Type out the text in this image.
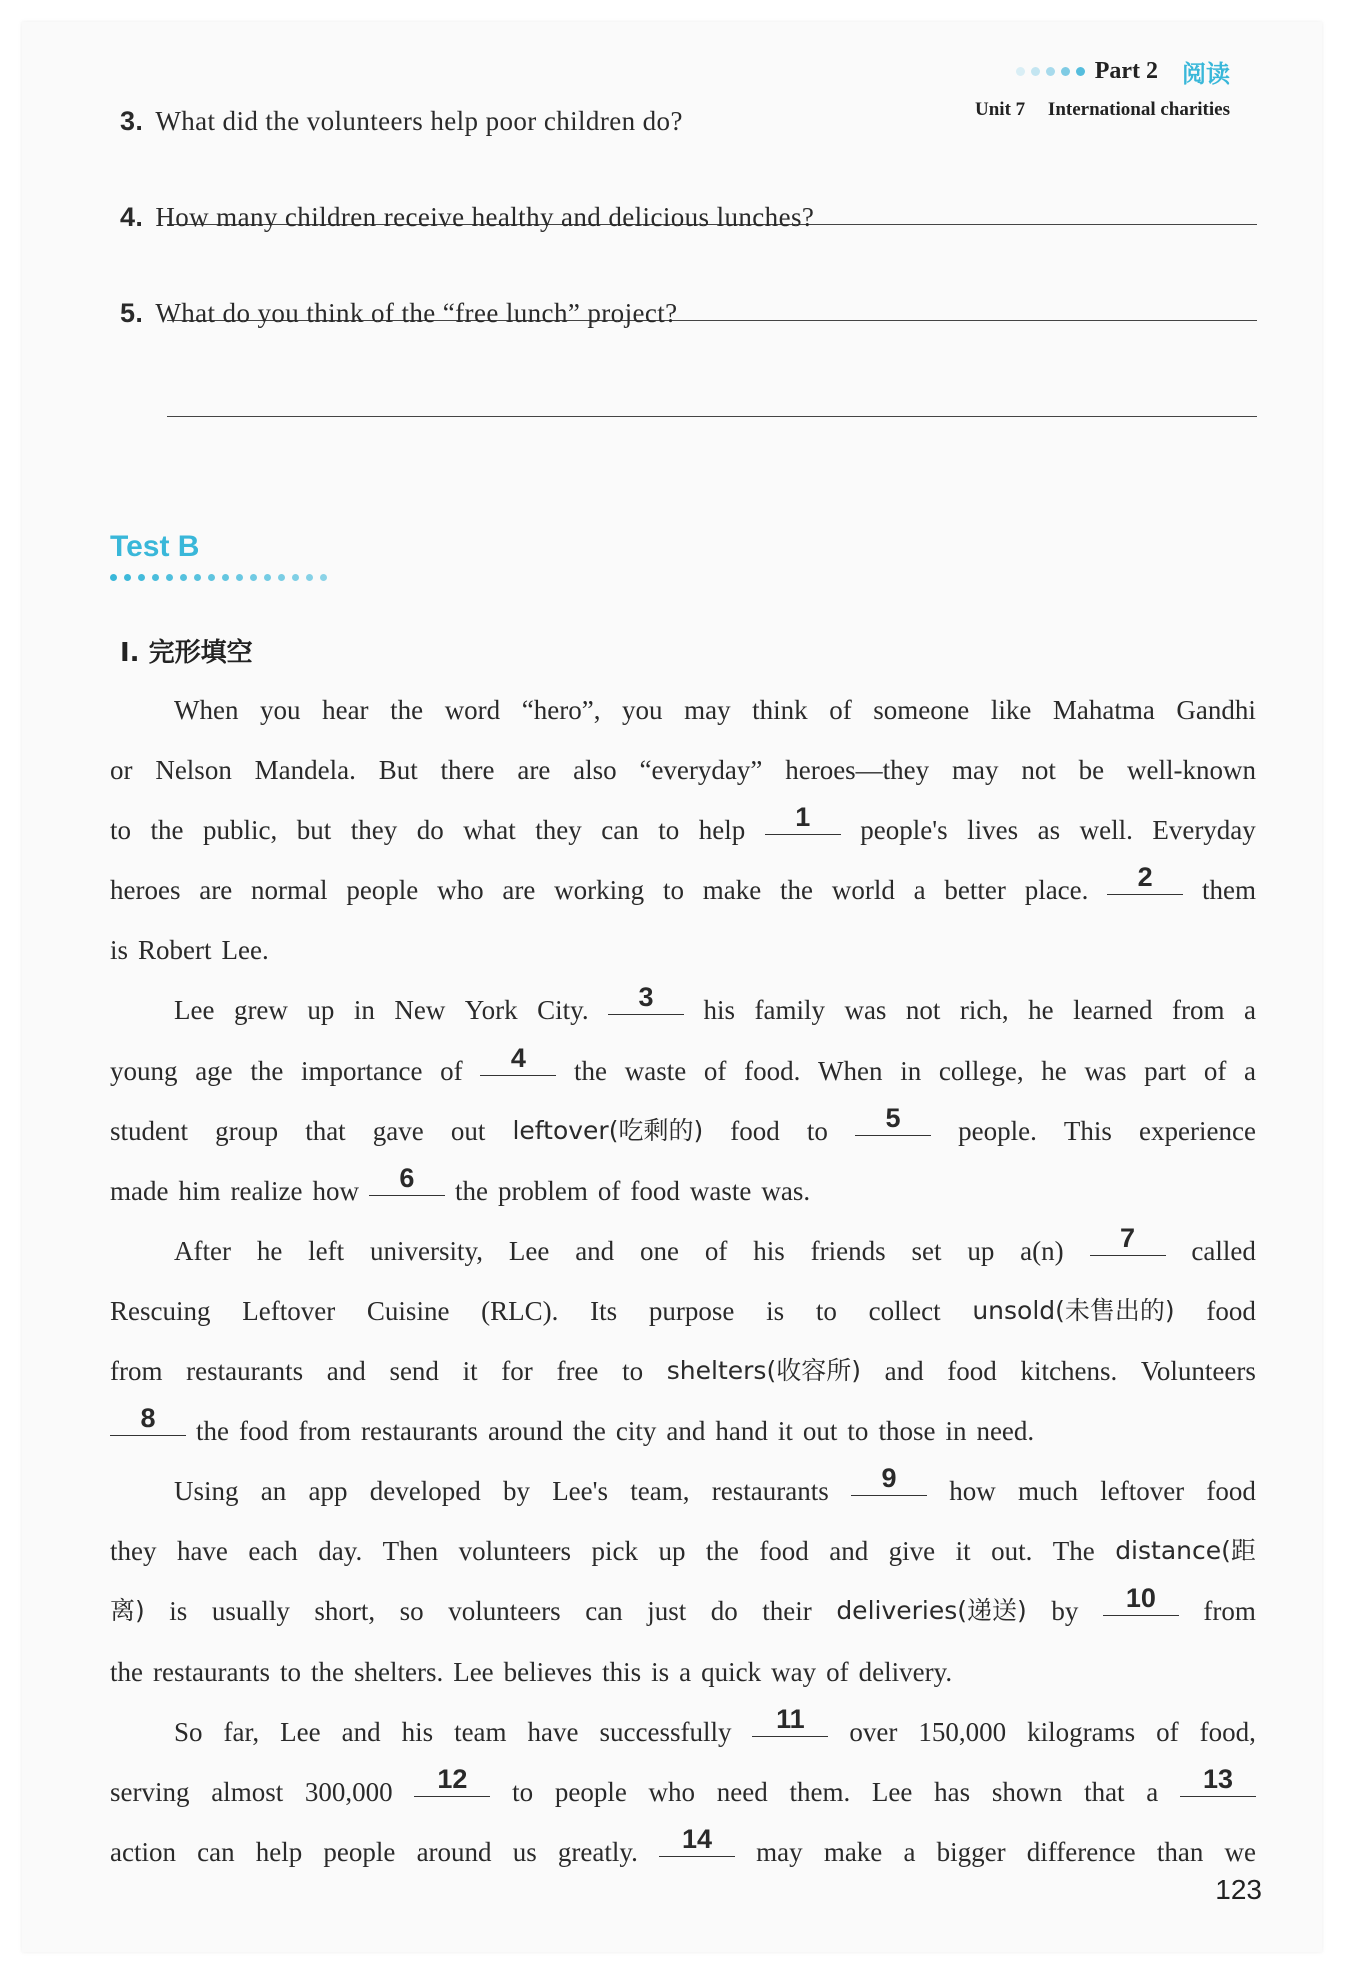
Part 2 阅读
Unit 7 International charities
3. What did the volunteers help poor children do?
4. How many children receive healthy and delicious lunches?
5. What do you think of the “free lunch” project?
Test B
Ⅰ. 完形填空
When you hear the word “hero”, you may think of someone like Mahatma Gandhi
or Nelson Mandela. But there are also “everyday” heroes—they may not be well-known
to the public, but they do what they can to help	1	people's lives as well. Everyday
heroes are normal people who are working to make the world a better place.	2	them
is Robert Lee.
Lee grew up in New York City.	3	his family was not rich, he learned from a
young age the importance of	4	the waste of food. When in college, he was part of a
student group that gave out leftover(吃剩的) food to	5	people. This experience
made him realize how	6	the problem of food waste was.
After he left university, Lee and one of his friends set up a(n)	7	called
Rescuing Leftover Cuisine (RLC). Its purpose is to collect unsold(未售出的) food
from restaurants and send it for free to shelters(收容所) and food kitchens. Volunteers
8	the food from restaurants around the city and hand it out to those in need.
Using an app developed by Lee's team, restaurants	9	how much leftover food
they have each day. Then volunteers pick up the food and give it out. The distance(距
离) is usually short, so volunteers can just do their deliveries(递送) by	10	from
the restaurants to the shelters. Lee believes this is a quick way of delivery.
So far, Lee and his team have successfully	11	over 150,000 kilograms of food,
serving almost 300,000	12	to people who need them. Lee has shown that a	13
action can help people around us greatly.	14	may make a bigger difference than we
123
